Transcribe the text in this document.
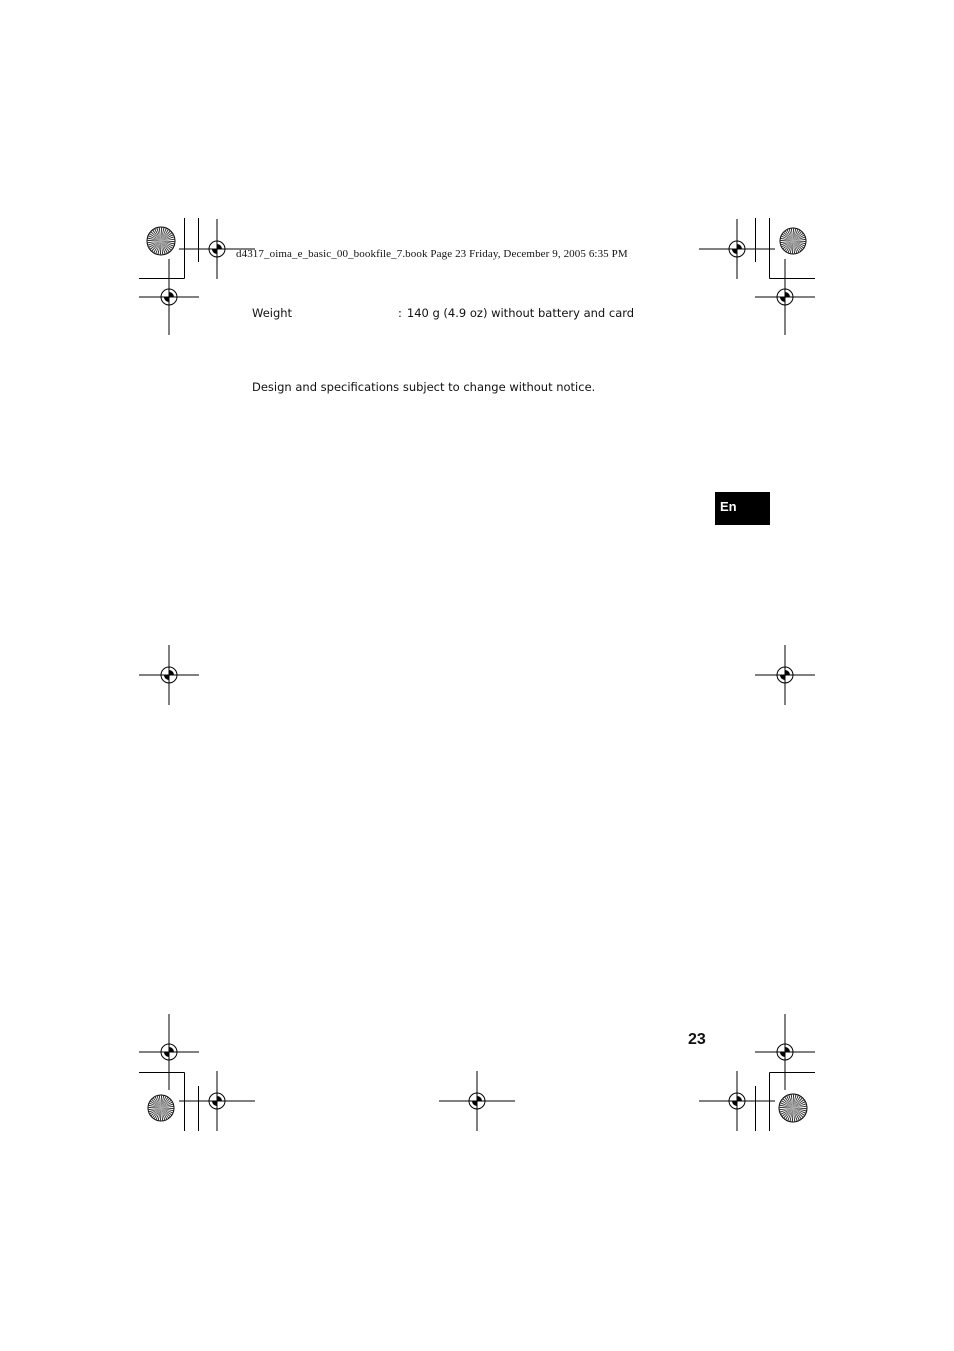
d4317_oima_e_basic_00_bookfile_7.book Page 23 Friday, December 9, 2005 6:35 PM
Weight	: 140 g (4.9 oz) without battery and card
Design and specifications subject to change without notice.
En
23
